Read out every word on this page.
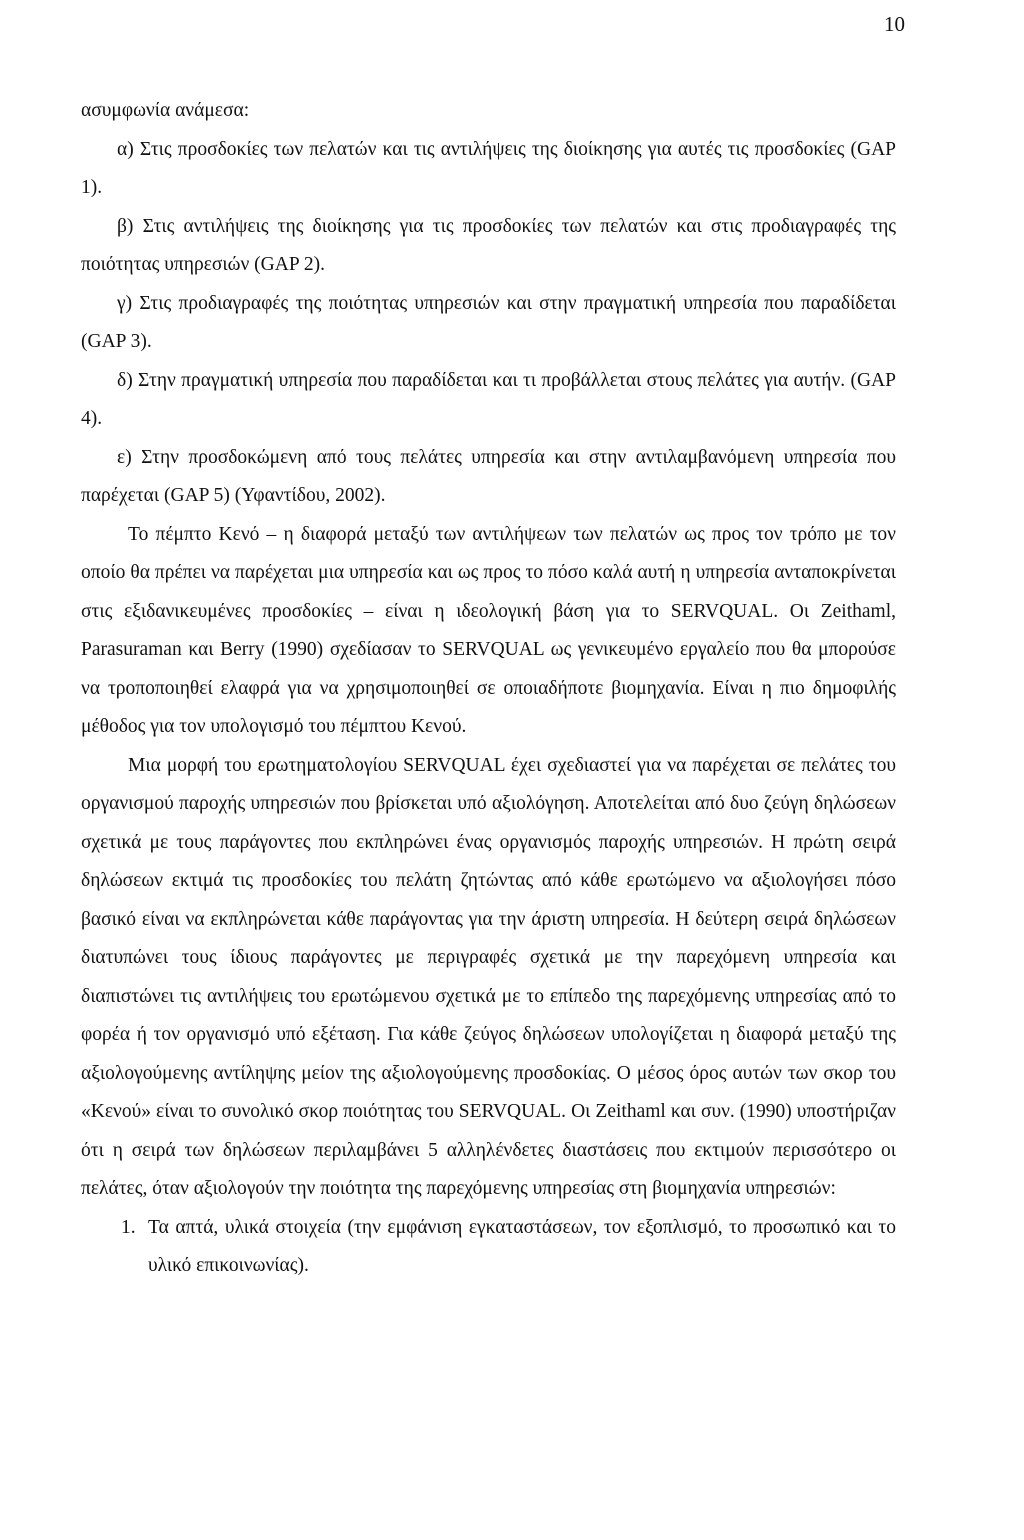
10

ασυμφωνία ανάμεσα:

α) Στις προσδοκίες των πελατών και τις αντιλήψεις της διοίκησης για αυτές τις προσδοκίες (GAP 1).

β) Στις αντιλήψεις της διοίκησης για τις προσδοκίες των πελατών και στις προδιαγραφές της ποιότητας υπηρεσιών (GAP 2).

γ) Στις προδιαγραφές της ποιότητας υπηρεσιών και στην πραγματική υπηρεσία που παραδίδεται (GAP 3).

δ) Στην πραγματική υπηρεσία που παραδίδεται και τι προβάλλεται στους πελάτες για αυτήν. (GAP 4).

ε) Στην προσδοκώμενη από τους πελάτες υπηρεσία και στην αντιλαμβανόμενη υπηρεσία που παρέχεται (GAP 5) (Υφαντίδου, 2002).

Το πέμπτο Κενό – η διαφορά μεταξύ των αντιλήψεων των πελατών ως προς τον τρόπο με τον οποίο θα πρέπει να παρέχεται μια υπηρεσία και ως προς το πόσο καλά αυτή η υπηρεσία ανταποκρίνεται στις εξιδανικευμένες προσδοκίες – είναι η ιδεολογική βάση για το SERVQUAL. Οι Zeithaml, Parasuraman και Berry (1990) σχεδίασαν το SERVQUAL ως γενικευμένο εργαλείο που θα μπορούσε να τροποποιηθεί ελαφρά για να χρησιμοποιηθεί σε οποιαδήποτε βιομηχανία. Είναι η πιο δημοφιλής μέθοδος για τον υπολογισμό του πέμπτου Κενού.

Μια μορφή του ερωτηματολογίου SERVQUAL έχει σχεδιαστεί για να παρέχεται σε πελάτες του οργανισμού παροχής υπηρεσιών που βρίσκεται υπό αξιολόγηση. Αποτελείται από δυο ζεύγη δηλώσεων σχετικά με τους παράγοντες που εκπληρώνει ένας οργανισμός παροχής υπηρεσιών. Η πρώτη σειρά δηλώσεων εκτιμά τις προσδοκίες του πελάτη ζητώντας από κάθε ερωτώμενο να αξιολογήσει πόσο βασικό είναι να εκπληρώνεται κάθε παράγοντας για την άριστη υπηρεσία. Η δεύτερη σειρά δηλώσεων διατυπώνει τους ίδιους παράγοντες με περιγραφές σχετικά με την παρεχόμενη υπηρεσία και διαπιστώνει τις αντιλήψεις του ερωτώμενου σχετικά με το επίπεδο της παρεχόμενης υπηρεσίας από το φορέα ή τον οργανισμό υπό εξέταση. Για κάθε ζεύγος δηλώσεων υπολογίζεται η διαφορά μεταξύ της αξιολογούμενης αντίληψης μείον της αξιολογούμενης προσδοκίας. Ο μέσος όρος αυτών των σκορ του «Κενού» είναι το συνολικό σκορ ποιότητας του SERVQUAL. Οι Zeithaml και συν. (1990) υποστήριζαν ότι η σειρά των δηλώσεων περιλαμβάνει 5 αλληλένδετες διαστάσεις που εκτιμούν περισσότερο οι πελάτες, όταν αξιολογούν την ποιότητα της παρεχόμενης υπηρεσίας στη βιομηχανία υπηρεσιών:

1. Τα απτά, υλικά στοιχεία (την εμφάνιση εγκαταστάσεων, τον εξοπλισμό, το προσωπικό και το υλικό επικοινωνίας).
